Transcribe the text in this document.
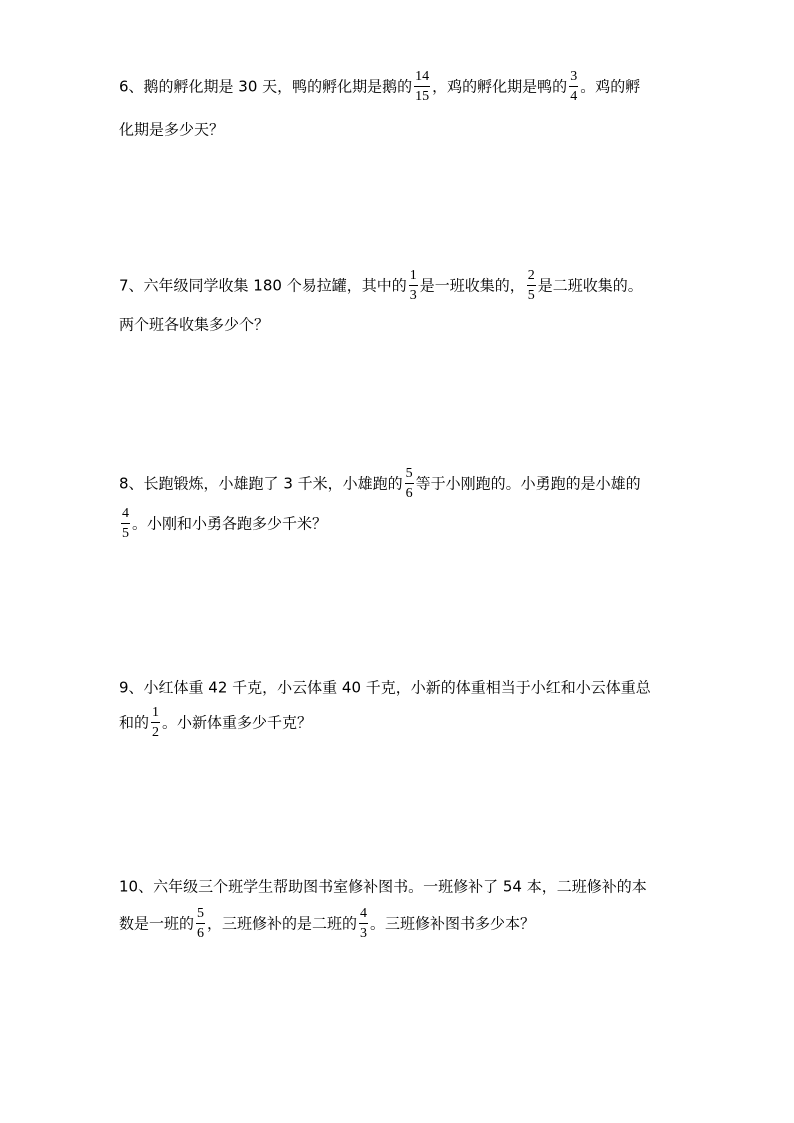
6、鹅的孵化期是 30 天，鸭的孵化期是鹅的 $\frac{14}{15}$ ，鸡的孵化期是鸭的 $\frac{3}{4}$ 。鸡的孵
化期是多少天？
7、六年级同学收集 180 个易拉罐，其中的 $\frac{1}{3}$ 是一班收集的， $\frac{2}{5}$ 是二班收集的。
两个班各收集多少个？
8、长跑锻炼，小雄跑了 3 千米，小雄跑的 $\frac{5}{6}$ 等于小刚跑的。小勇跑的是小雄的
$\frac{4}{5}$ 。小刚和小勇各跑多少千米？
9、小红体重 42 千克，小云体重 40 千克，小新的体重相当于小红和小云体重总
和的 $\frac{1}{2}$ 。小新体重多少千克？
10、六年级三个班学生帮助图书室修补图书。一班修补了 54 本，二班修补的本
数是一班的 $\frac{5}{6}$ ，三班修补的是二班的 $\frac{4}{3}$ 。三班修补图书多少本？
